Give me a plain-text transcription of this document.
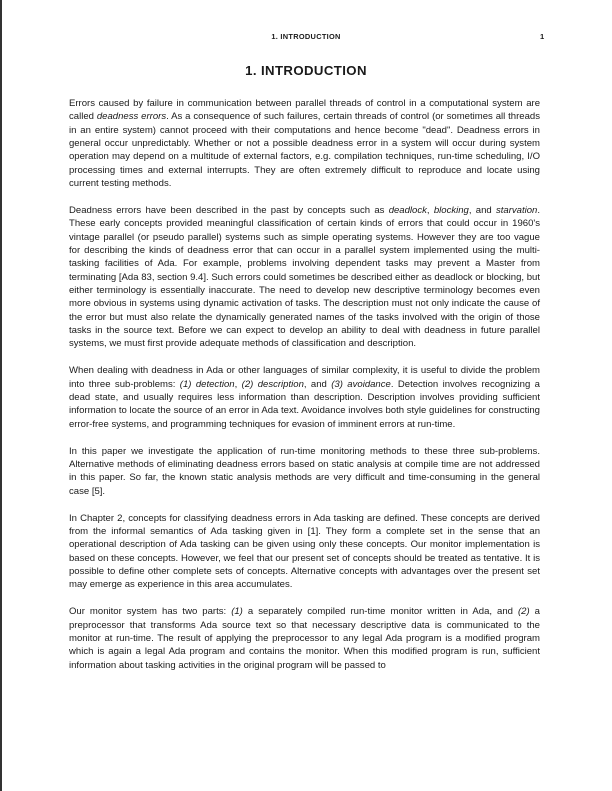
1. INTRODUCTION	1
1. INTRODUCTION

Errors caused by failure in communication between parallel threads of control in a computational system are called deadness errors. As a consequence of such failures, certain threads of control (or sometimes all threads in an entire system) cannot proceed with their computations and hence become "dead". Deadness errors in general occur unpredictably. Whether or not a possible deadness error in a system will occur during system operation may depend on a multitude of external factors, e.g. compilation techniques, run-time scheduling, I/O processing times and external interrupts. They are often extremely difficult to reproduce and locate using current testing methods.

Deadness errors have been described in the past by concepts such as deadlock, blocking, and starvation. These early concepts provided meaningful classification of certain kinds of errors that could occur in 1960's vintage parallel (or pseudo parallel) systems such as simple operating systems. However they are too vague for describing the kinds of deadness error that can occur in a parallel system implemented using the multi-tasking facilities of Ada. For example, problems involving dependent tasks may prevent a Master from terminating [Ada 83, section 9.4]. Such errors could sometimes be described either as deadlock or blocking, but either terminology is essentially inaccurate. The need to develop new descriptive terminology becomes even more obvious in systems using dynamic activation of tasks. The description must not only indicate the cause of the error but must also relate the dynamically generated names of the tasks involved with the origin of those tasks in the source text. Before we can expect to develop an ability to deal with deadness in future parallel systems, we must first provide adequate methods of classification and description.

When dealing with deadness in Ada or other languages of similar complexity, it is useful to divide the problem into three sub-problems: (1) detection, (2) description, and (3) avoidance. Detection involves recognizing a dead state, and usually requires less information than description. Description involves providing sufficient information to locate the source of an error in Ada text. Avoidance involves both style guidelines for constructing error-free systems, and programming techniques for evasion of imminent errors at run-time.

In this paper we investigate the application of run-time monitoring methods to these three sub-problems. Alternative methods of eliminating deadness errors based on static analysis at compile time are not addressed in this paper. So far, the known static analysis methods are very difficult and time-consuming in the general case [5].

In Chapter 2, concepts for classifying deadness errors in Ada tasking are defined. These concepts are derived from the informal semantics of Ada tasking given in [1]. They form a complete set in the sense that an operational description of Ada tasking can be given using only these concepts. Our monitor implementation is based on these concepts. However, we feel that our present set of concepts should be treated as tentative. It is possible to define other complete sets of concepts. Alternative concepts with advantages over the present set may emerge as experience in this area accumulates.

Our monitor system has two parts: (1) a separately compiled run-time monitor written in Ada, and (2) a preprocessor that transforms Ada source text so that necessary descriptive data is communicated to the monitor at run-time. The result of applying the preprocessor to any legal Ada program is a modified program which is again a legal Ada program and contains the monitor. When this modified program is run, sufficient information about tasking activities in the original program will be passed to
